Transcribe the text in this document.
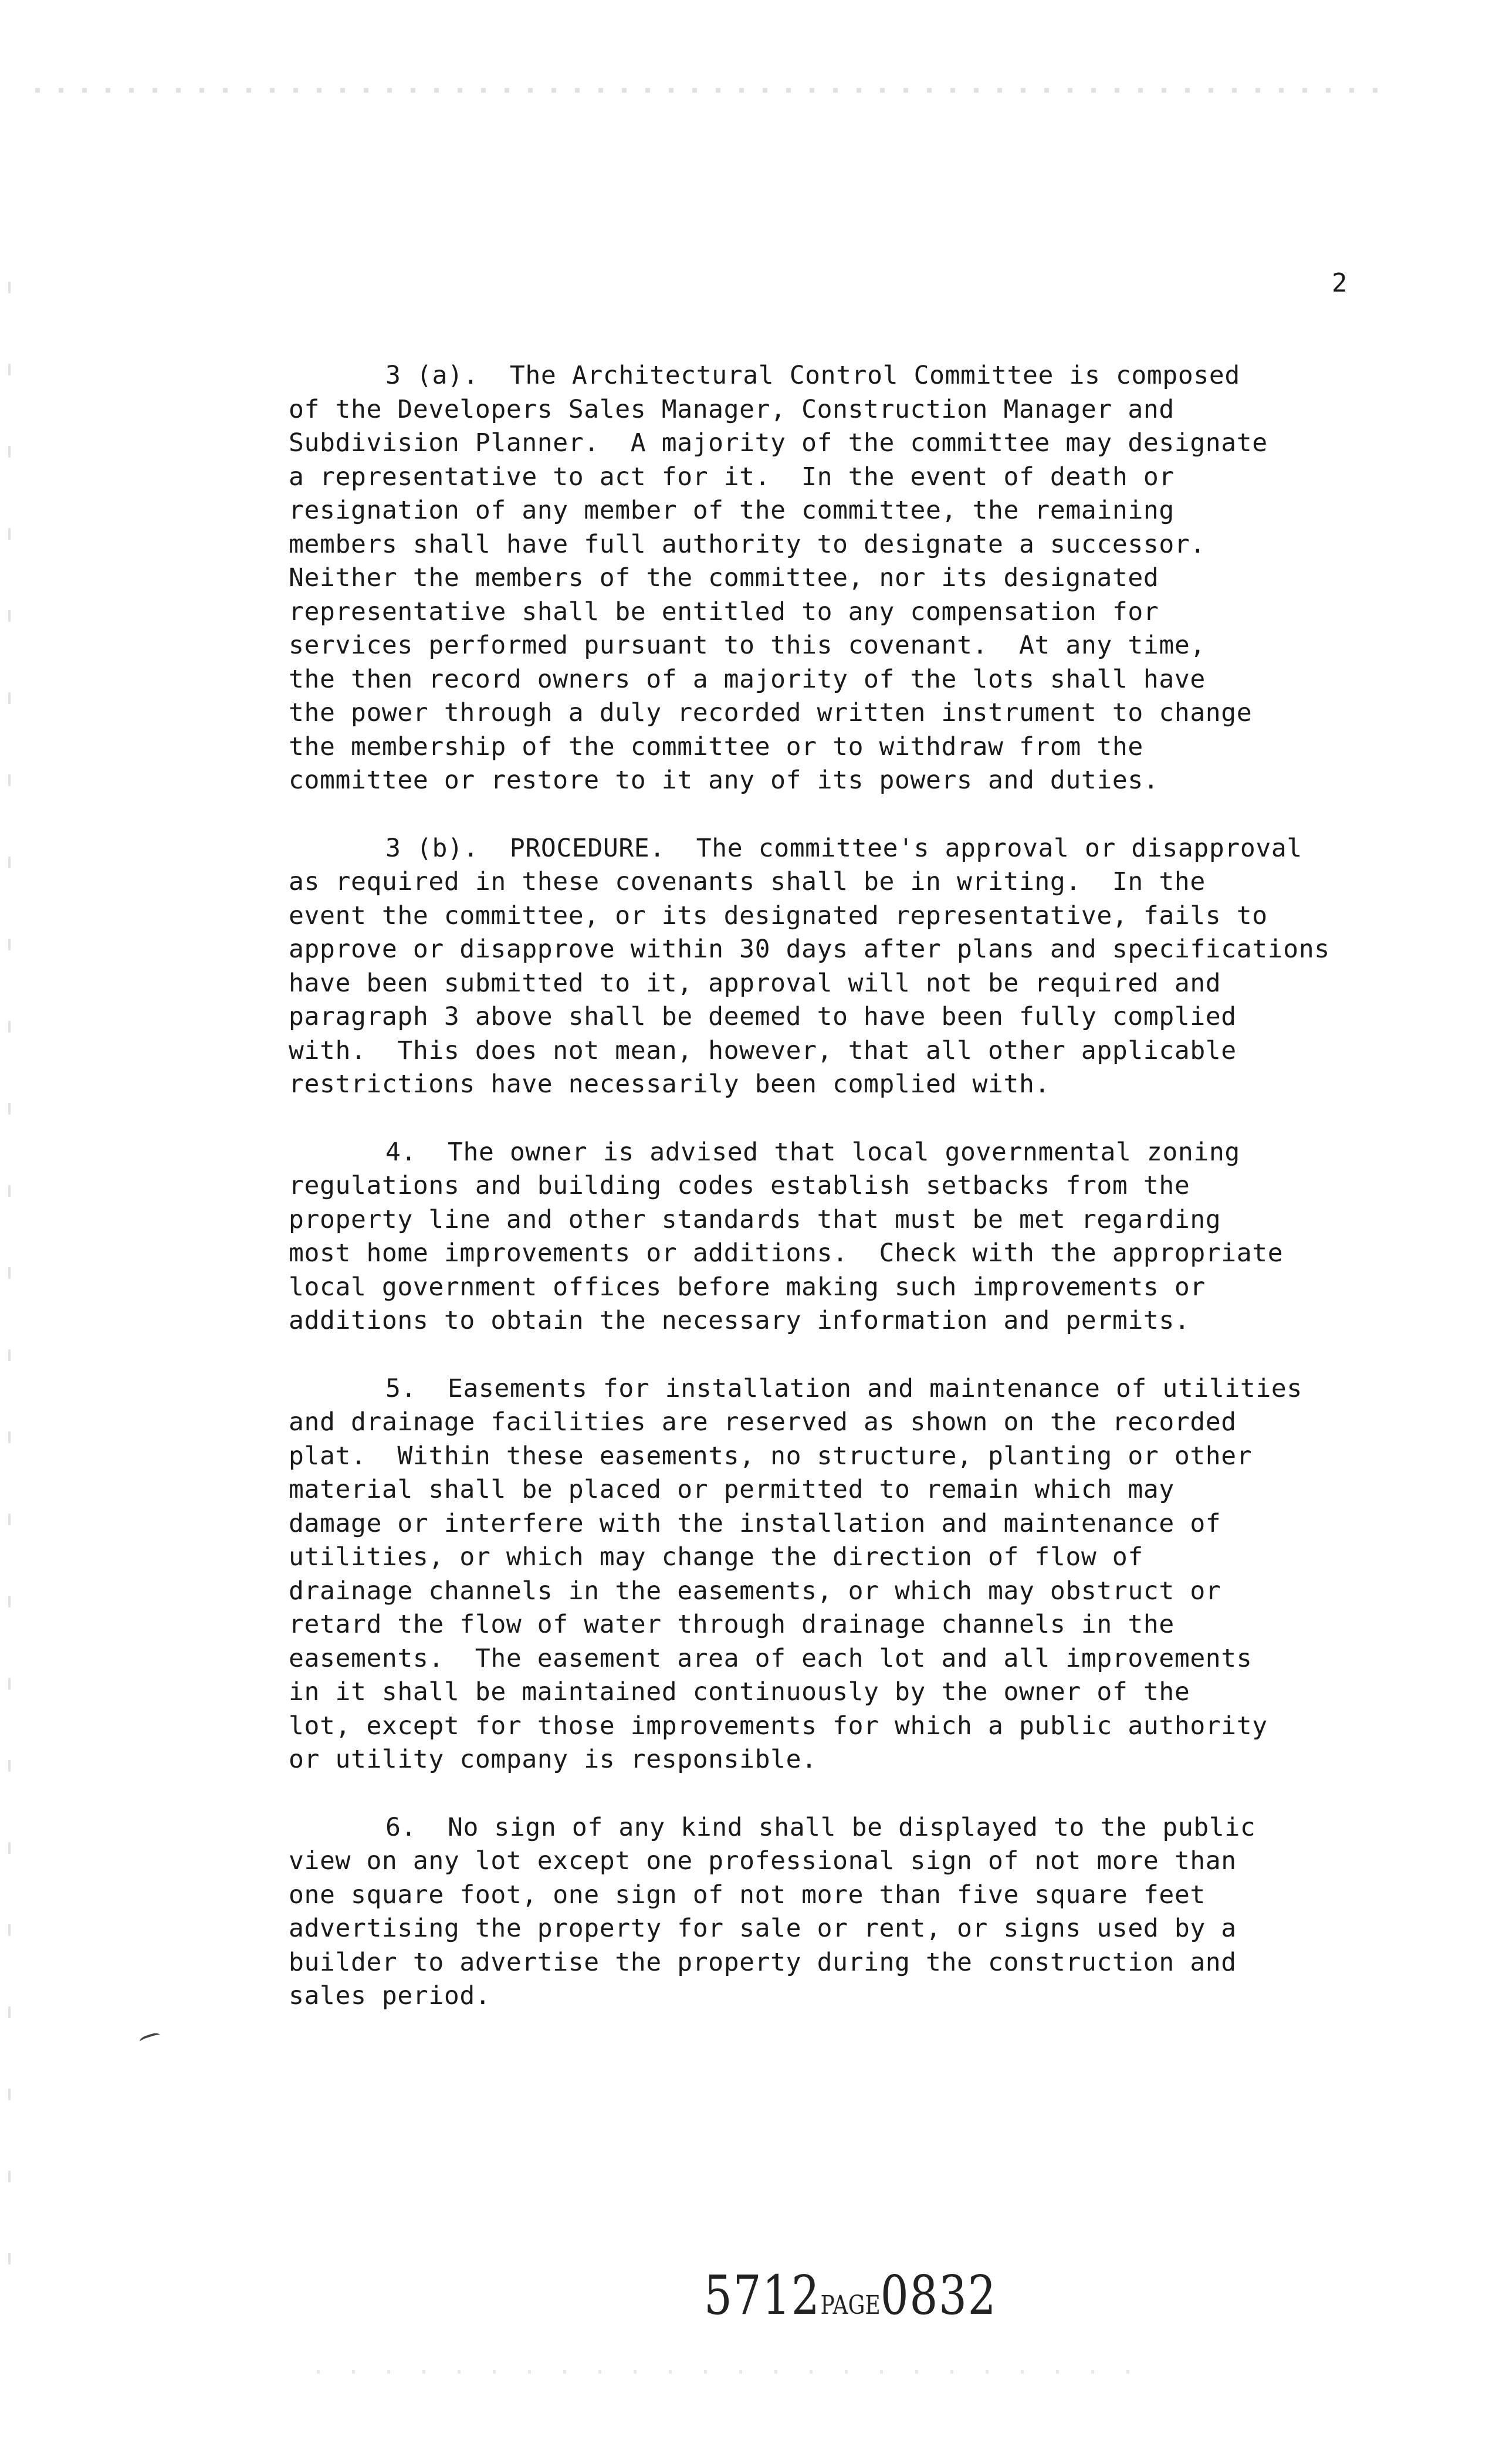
2
3 (a).  The Architectural Control Committee is composed
of the Developers Sales Manager, Construction Manager and
Subdivision Planner.  A majority of the committee may designate
a representative to act for it.  In the event of death or
resignation of any member of the committee, the remaining
members shall have full authority to designate a successor.
Neither the members of the committee, nor its designated
representative shall be entitled to any compensation for
services performed pursuant to this covenant.  At any time,
the then record owners of a majority of the lots shall have
the power through a duly recorded written instrument to change
the membership of the committee or to withdraw from the
committee or restore to it any of its powers and duties.
3 (b).  PROCEDURE.  The committee's approval or disapproval
as required in these covenants shall be in writing.  In the
event the committee, or its designated representative, fails to
approve or disapprove within 30 days after plans and specifications
have been submitted to it, approval will not be required and
paragraph 3 above shall be deemed to have been fully complied
with.  This does not mean, however, that all other applicable
restrictions have necessarily been complied with.
4.  The owner is advised that local governmental zoning
regulations and building codes establish setbacks from the
property line and other standards that must be met regarding
most home improvements or additions.  Check with the appropriate
local government offices before making such improvements or
additions to obtain the necessary information and permits.
5.  Easements for installation and maintenance of utilities
and drainage facilities are reserved as shown on the recorded
plat.  Within these easements, no structure, planting or other
material shall be placed or permitted to remain which may
damage or interfere with the installation and maintenance of
utilities, or which may change the direction of flow of
drainage channels in the easements, or which may obstruct or
retard the flow of water through drainage channels in the
easements.  The easement area of each lot and all improvements
in it shall be maintained continuously by the owner of the
lot, except for those improvements for which a public authority
or utility company is responsible.
6.  No sign of any kind shall be displayed to the public
view on any lot except one professional sign of not more than
one square foot, one sign of not more than five square feet
advertising the property for sale or rent, or signs used by a
builder to advertise the property during the construction and
sales period.
5712PAGE0832
